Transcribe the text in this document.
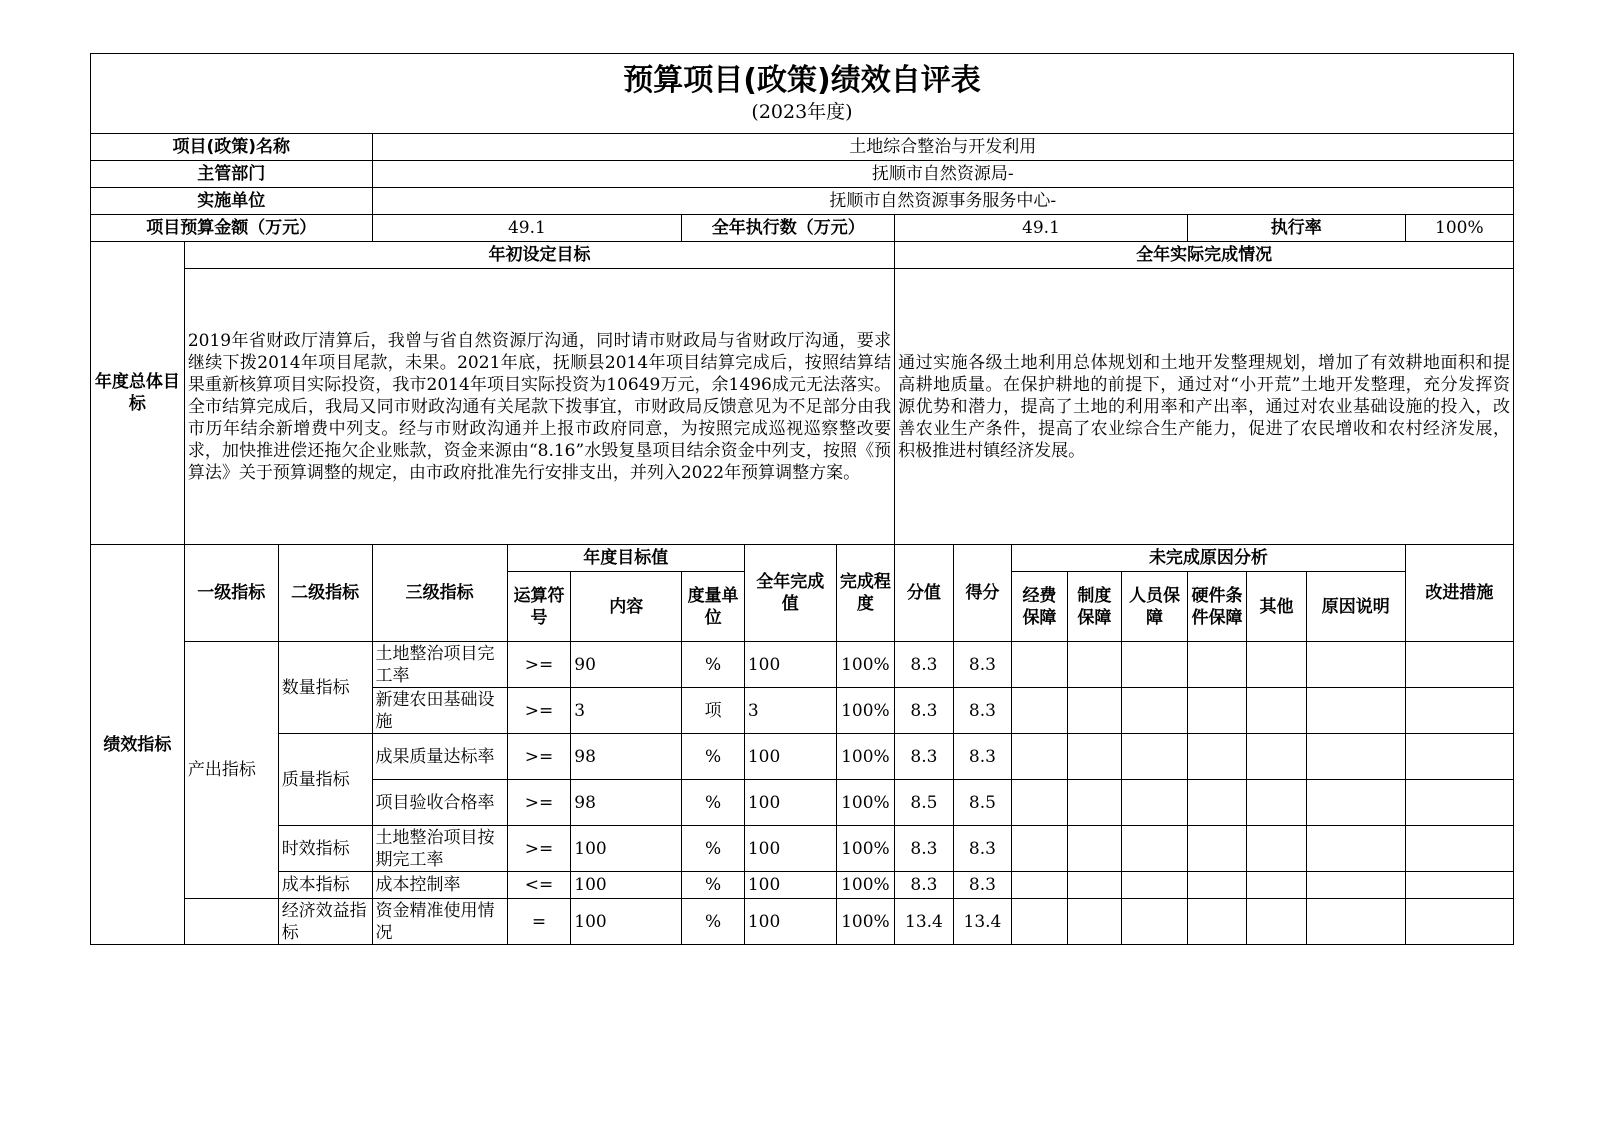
预算项目(政策)绩效自评表
(2023年度)																	

项目(政策)名称			土地综合整治与开发利用														
主管部门			抚顺市自然资源局-														
实施单位			抚顺市自然资源事务服务中心-														
项目预算金额（万元）			49.1			全年执行数（万元）			49.1					执行率			100%
年度总体目标	年初设定目标								全年实际完成情况								
	2019年省财政厅清算后，我曾与省自然资源厅沟通，同时请市财政局与省财政厅沟通，要求继续下拨2014年项目尾款，未果。2021年底，抚顺县2014年项目结算完成后，按照结算结果重新核算项目实际投资，我市2014年项目实际投资为10649万元，余1496成元无法落实。全市结算完成后，我局又同市财政沟通有关尾款下拨事宜，市财政局反馈意见为不足部分由我市历年结余新增费中列支。经与市财政沟通并上报市政府同意，为按照完成巡视巡察整改要求，加快推进偿还拖欠企业账款，资金来源由“8.16”水毁复垦项目结余资金中列支，按照《预算法》关于预算调整的规定，由市政府批准先行安排支出，并列入2022年预算调整方案。								通过实施各级土地利用总体规划和土地开发整理规划，增加了有效耕地面积和提高耕地质量。在保护耕地的前提下，通过对“小开荒”土地开发整理，充分发挥资源优势和潜力，提高了土地的利用率和产出率，通过对农业基础设施的投入，改善农业生产条件，提高了农业综合生产能力，促进了农民增收和农村经济发展，积极推进村镇经济发展。								
绩效指标	一级指标	二级指标	三级指标	年度目标值			全年完成值	完成程度	分值	得分	未完成原因分析						改进措施
				运算符号	内容	度量单位					经费保障	制度保障	人员保障	硬件条件保障	其他	原因说明	
	产出指标	数量指标	土地整治项目完工率	>=	90	%	100	100%	8.3	8.3							
			新建农田基础设施	>=	3	项	3	100%	8.3	8.3							
		质量指标	成果质量达标率	>=	98	%	100	100%	8.3	8.3							
			项目验收合格率	>=	98	%	100	100%	8.5	8.5							
		时效指标	土地整治项目按期完工率	>=	100	%	100	100%	8.3	8.3							
		成本指标	成本控制率	<=	100	%	100	100%	8.3	8.3							
		经济效益指标	资金精准使用情况	=	100	%	100	100%	13.4	13.4							
